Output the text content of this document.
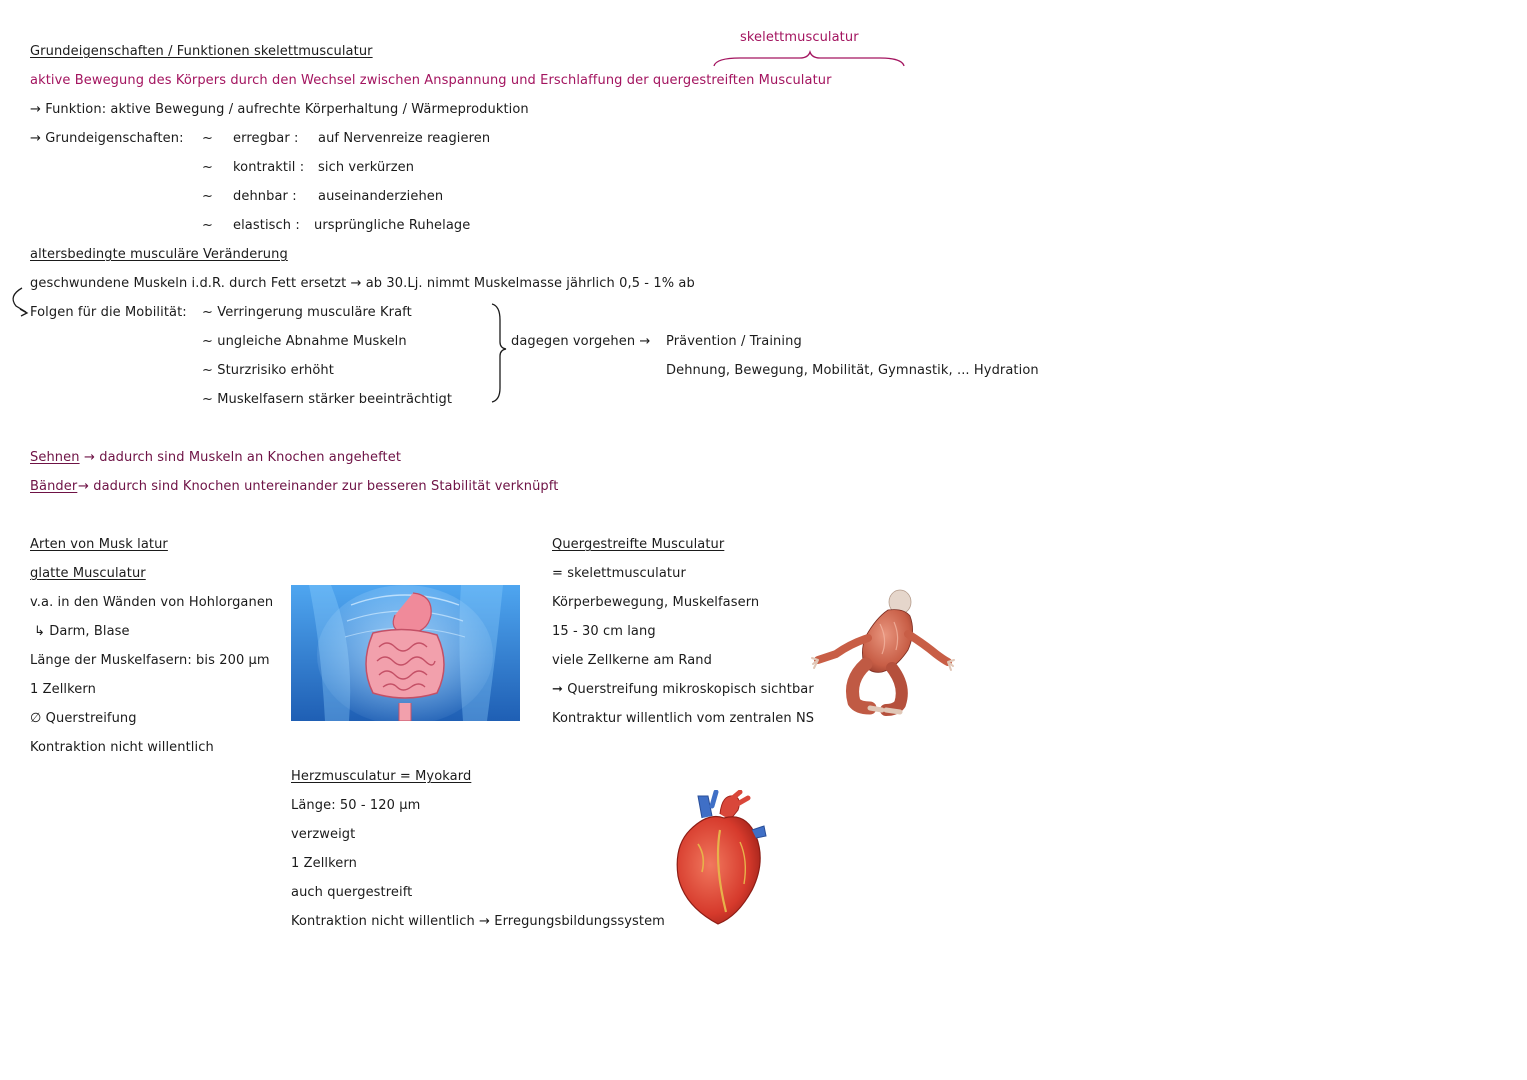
skelettmusculatur
Grundeigenschaften / Funktionen skelettmusculatur
aktive Bewegung des Körpers durch den Wechsel zwischen Anspannung und Erschlaffung der quergestreiften Musculatur
→ Funktion: aktive Bewegung / aufrechte Körperhaltung / Wärmeproduktion
→ Grundeigenschaften: ~ erregbar : auf Nervenreize reagieren
~ kontraktil : sich verkürzen
~ dehnbar : auseinanderziehen
~ elastisch : ursprüngliche Ruhelage
altersbedingte musculäre Veränderung
geschwundene Muskeln i.d.R. durch Fett ersetzt → ab 30.Lj. nimmt Muskelmasse jährlich 0,5 - 1% ab
Folgen für die Mobilität: ~ Verringerung musculäre Kraft
~ ungleiche Abnahme Muskeln
~ Sturzrisiko erhöht
~ Muskelfasern stärker beeinträchtigt
dagegen vorgehen → Prävention / Training
Dehnung, Bewegung, Mobilität, Gymnastik, ... Hydration
Sehnen → dadurch sind Muskeln an Knochen angeheftet
Bänder → dadurch sind Knochen untereinander zur besseren Stabilität verknüpft
Arten von Musk latur
glatte Musculatur
v.a. in den Wänden von Hohlorganen
↳ Darm, Blase
Länge der Muskelfasern: bis 200 µm
1 Zellkern
∅ Querstreifung
Kontraktion nicht willentlich
Herzmusculatur = Myokard
Länge: 50 - 120 µm
verzweigt
1 Zellkern
auch quergestreift
Kontraktion nicht willentlich → Erregungsbildungssystem
Quergestreifte Musculatur
= skelettmusculatur
Körperbewegung, Muskelfasern
15 - 30 cm lang
viele Zellkerne am Rand
➞ Querstreifung mikroskopisch sichtbar
Kontraktur willentlich vom zentralen NS
